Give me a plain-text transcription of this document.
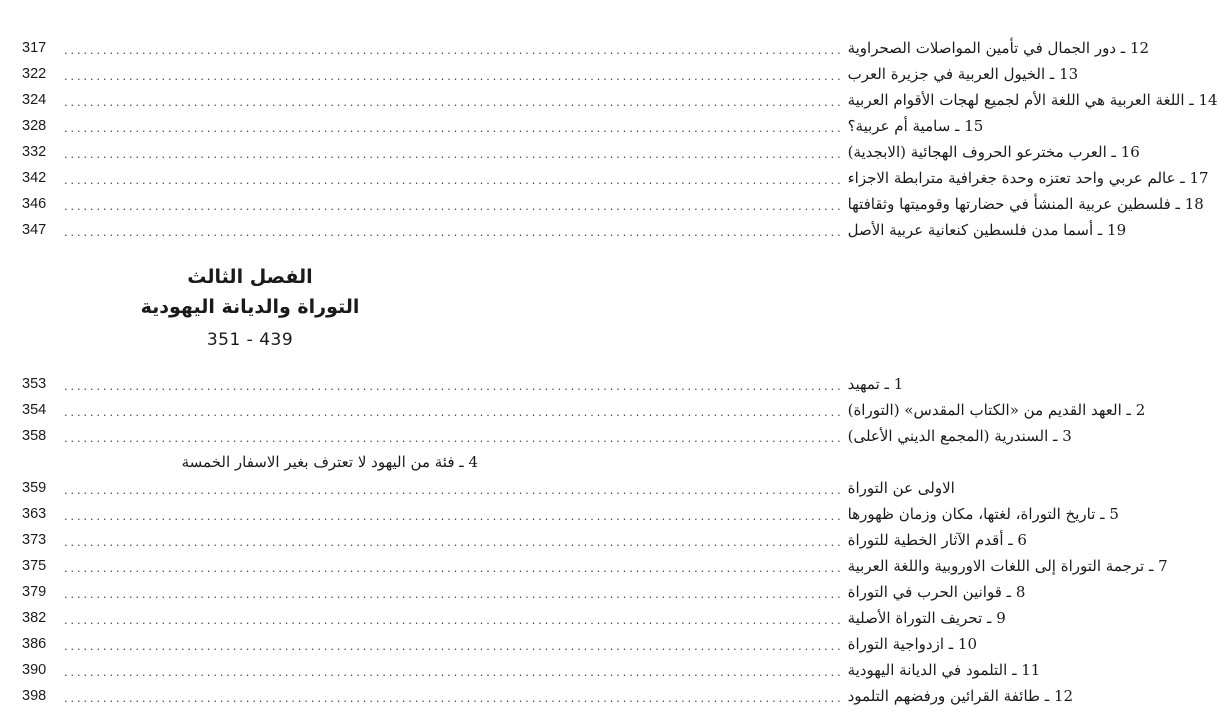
317	........................................................................................................................ 12 ـ دور الجمال في تأمين المواصلات الصحراوية
322	........................................................................................................................ 13 ـ الخيول العربية في جزيرة العرب
324	........................................................................................................................ 14 ـ اللغة العربية هي اللغة الأم لجميع لهجات الأقوام العربية
328	........................................................................................................................ 15 ـ سامية أم عربية؟
332	........................................................................................................................ 16 ـ العرب مخترعو الحروف الهجائية (الابجدية)
342	........................................................................................................................ 17 ـ عالم عربي واحد تعتزه وحدة جغرافية مترابطة الاجزاء
346	........................................................................................................................ 18 ـ فلسطين عربية المنشأ في حضارتها وقوميتها وثقافتها
347	........................................................................................................................ 19 ـ أسما مدن فلسطين كنعانية عربية الأصل
الفصل الثالث
التوراة والديانة اليهودية
351 - 439
353	........................................................................................................................ 1 ـ تمهيد
354	........................................................................................................................ 2 ـ العهد القديم من «الكتاب المقدس» (التوراة)
358	........................................................................................................................ 3 ـ السندرية (المجمع الديني الأعلى)
4 ـ فئة من اليهود لا تعترف بغير الاسفار الخمسة
359	........................................................................................................................ الاولى عن التوراة
363	........................................................................................................................ 5 ـ تاريخ التوراة، لغتها، مكان وزمان ظهورها
373	........................................................................................................................ 6 ـ أقدم الآثار الخطية للتوراة
375	........................................................................................................................ 7 ـ ترجمة التوراة إلى اللغات الاوروبية واللغة العربية
379	........................................................................................................................ 8 ـ قوانين الحرب في التوراة
382	........................................................................................................................ 9 ـ تحريف التوراة الأصلية
386	........................................................................................................................ 10 ـ ازدواجية التوراة
390	........................................................................................................................ 11 ـ التلمود في الديانة اليهودية
398	........................................................................................................................ 12 ـ طائفة القرائين ورفضهم التلمود
